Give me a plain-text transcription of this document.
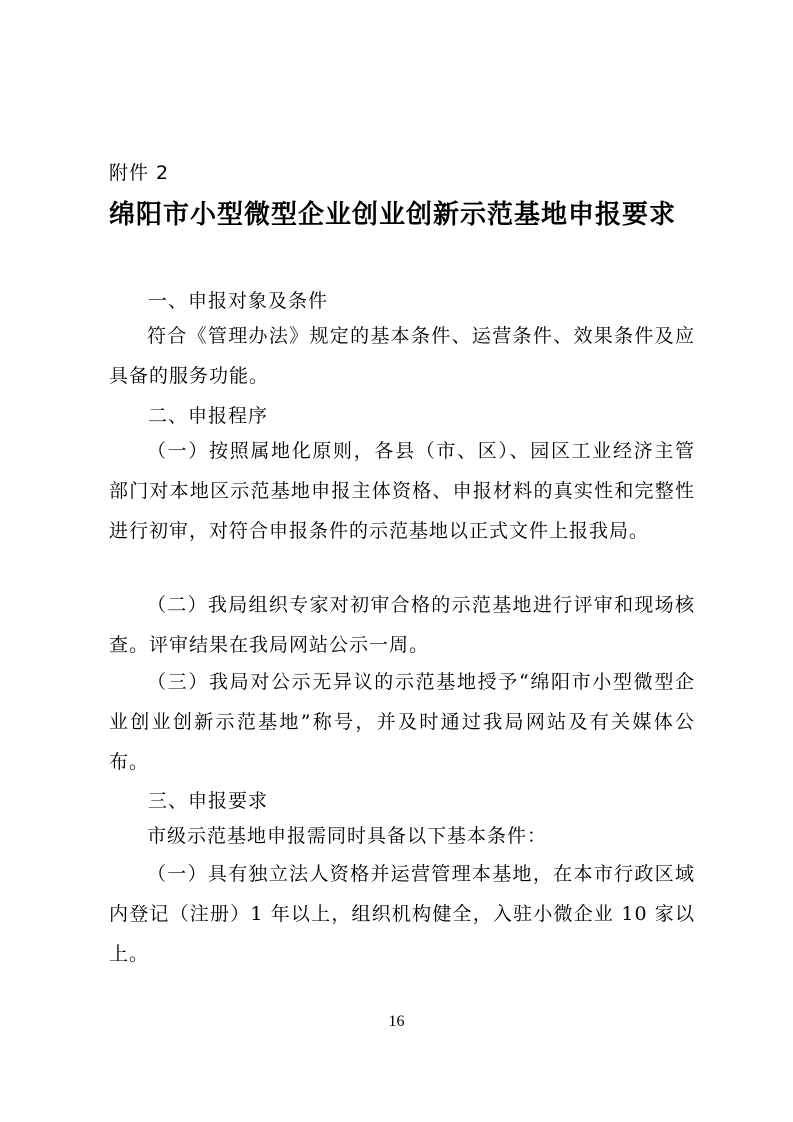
附件 2
绵阳市小型微型企业创业创新示范基地申报要求
一、申报对象及条件
符合《管理办法》规定的基本条件、运营条件、效果条件及应具备的服务功能。
二、申报程序
（一）按照属地化原则，各县（市、区）、园区工业经济主管部门对本地区示范基地申报主体资格、申报材料的真实性和完整性进行初审，对符合申报条件的示范基地以正式文件上报我局。
（二）我局组织专家对初审合格的示范基地进行评审和现场核查。评审结果在我局网站公示一周。
（三）我局对公示无异议的示范基地授予“绵阳市小型微型企业创业创新示范基地”称号，并及时通过我局网站及有关媒体公布。
三、申报要求
市级示范基地申报需同时具备以下基本条件：
（一）具有独立法人资格并运营管理本基地，在本市行政区域内登记（注册）1 年以上，组织机构健全，入驻小微企业 10 家以上。
16
